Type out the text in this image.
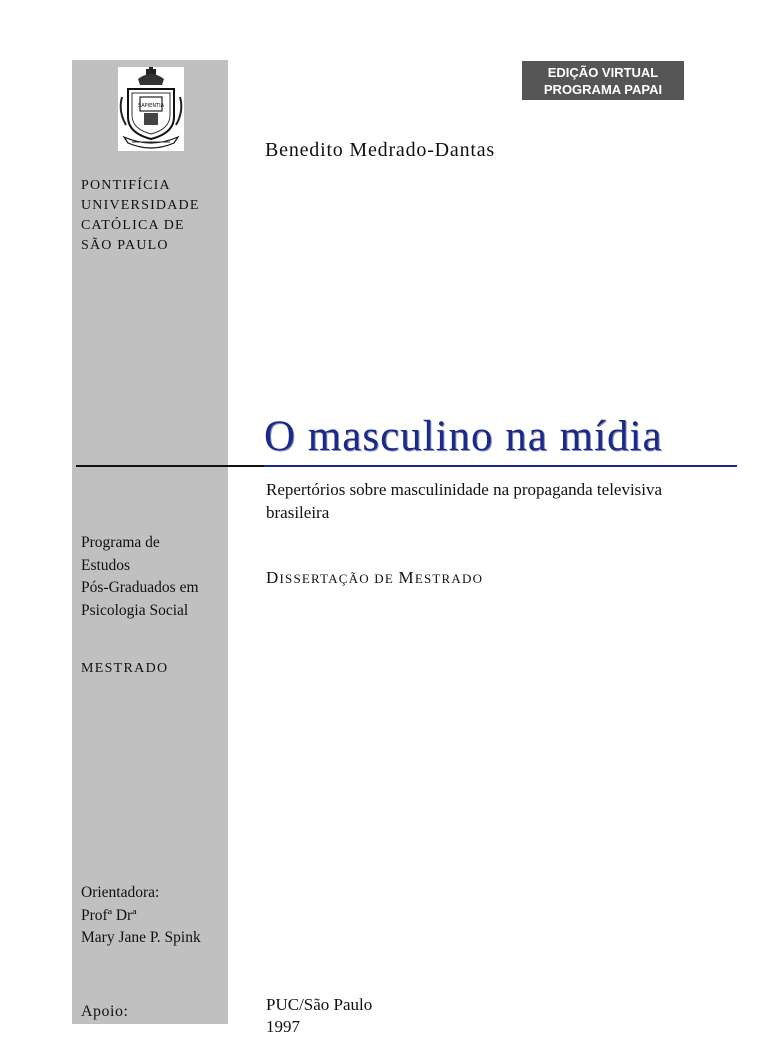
SAPIENTIA
PONTIFÍCIA
UNIVERSIDADE
CATÓLICA DE
SÃO PAULO
EDIÇÃO VIRTUAL
PROGRAMA PAPAI
Benedito Medrado-Dantas
O masculino na mídia
Repertórios sobre masculinidade na propaganda televisiva brasileira
DISSERTAÇÃO DE MESTRADO
Programa de
Estudos
Pós-Graduados em
Psicologia Social
MESTRADO
Orientadora:
Profª Drª
Mary Jane P. Spink
Apoio:	PUC/São Paulo
1997
